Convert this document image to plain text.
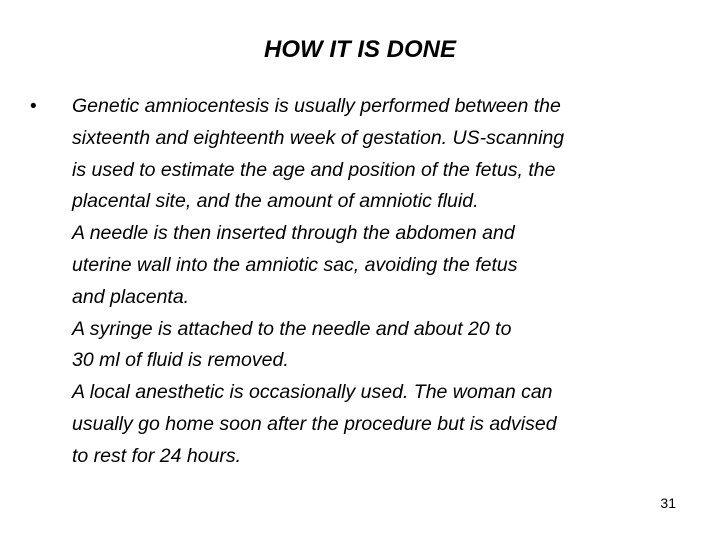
HOW IT IS DONE
• Genetic amniocentesis is usually performed between the
sixteenth and eighteenth week of gestation. US-scanning
is used to estimate the age and position of the fetus, the
placental site, and the amount of amniotic fluid.
A needle is then inserted through the abdomen and
uterine wall into the amniotic sac, avoiding the fetus
and placenta.
A syringe is attached to the needle and about 20 to
30 ml of fluid is removed.
A local anesthetic is occasionally used. The woman can
usually go home soon after the procedure but is advised
to rest for 24 hours.
31
